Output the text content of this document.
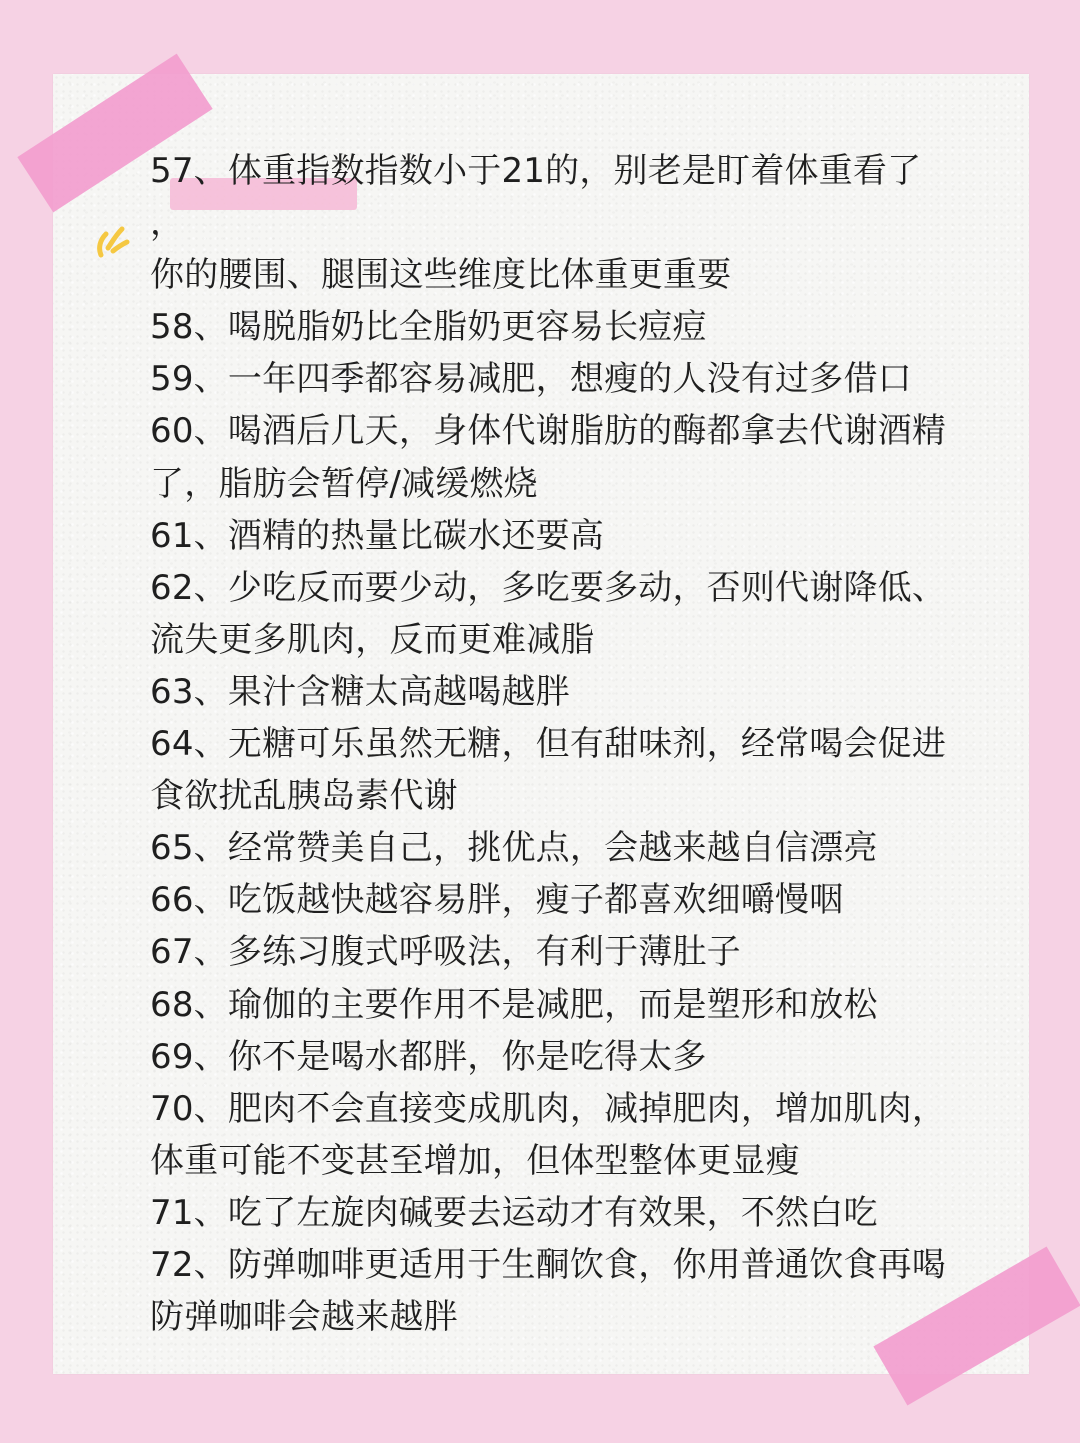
57、体重指数指数小于21的，别老是盯着体重看了
，
你的腰围、腿围这些维度比体重更重要
58、喝脱脂奶比全脂奶更容易长痘痘
59、一年四季都容易减肥，想瘦的人没有过多借口
60、喝酒后几天，身体代谢脂肪的酶都拿去代谢酒精
了，脂肪会暂停/减缓燃烧
61、酒精的热量比碳水还要高
62、少吃反而要少动，多吃要多动，否则代谢降低、
流失更多肌肉，反而更难减脂
63、果汁含糖太高越喝越胖
64、无糖可乐虽然无糖，但有甜味剂，经常喝会促进
食欲扰乱胰岛素代谢
65、经常赞美自己，挑优点，会越来越自信漂亮
66、吃饭越快越容易胖，瘦子都喜欢细嚼慢咽
67、多练习腹式呼吸法，有利于薄肚子
68、瑜伽的主要作用不是减肥，而是塑形和放松
69、你不是喝水都胖，你是吃得太多
70、肥肉不会直接变成肌肉，减掉肥肉，增加肌肉，
体重可能不变甚至增加，但体型整体更显瘦
71、吃了左旋肉碱要去运动才有效果，不然白吃
72、防弹咖啡更适用于生酮饮食，你用普通饮食再喝
防弹咖啡会越来越胖
